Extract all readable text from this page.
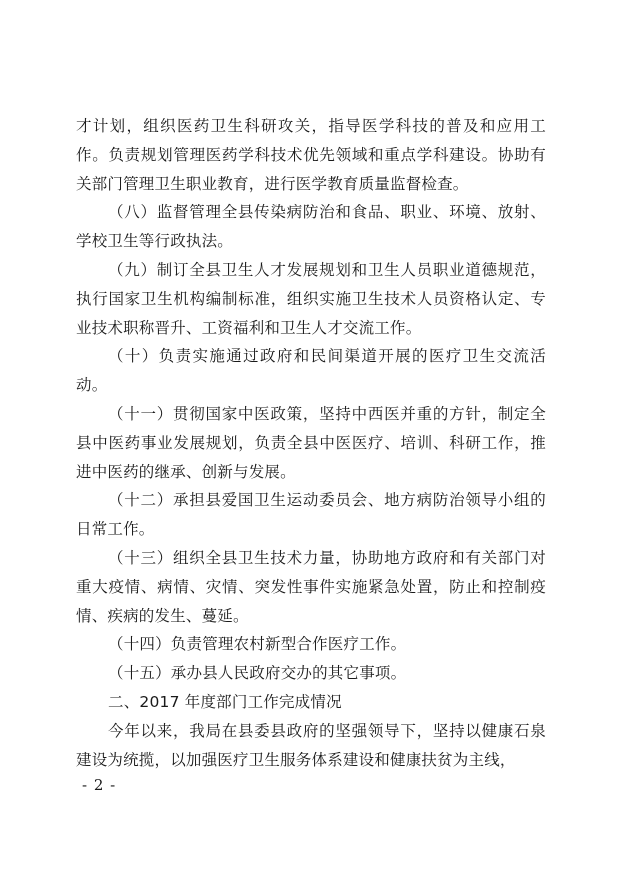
才计划，组织医药卫生科研攻关，指导医学科技的普及和应用工作。负责规划管理医药学科技术优先领域和重点学科建设。协助有关部门管理卫生职业教育，进行医学教育质量监督检查。

（八）监督管理全县传染病防治和食品、职业、环境、放射、学校卫生等行政执法。

（九）制订全县卫生人才发展规划和卫生人员职业道德规范，执行国家卫生机构编制标准，组织实施卫生技术人员资格认定、专业技术职称晋升、工资福利和卫生人才交流工作。

（十）负责实施通过政府和民间渠道开展的医疗卫生交流活动。

（十一）贯彻国家中医政策，坚持中西医并重的方针，制定全县中医药事业发展规划，负责全县中医医疗、培训、科研工作，推进中医药的继承、创新与发展。

（十二）承担县爱国卫生运动委员会、地方病防治领导小组的日常工作。

（十三）组织全县卫生技术力量，协助地方政府和有关部门对重大疫情、病情、灾情、突发性事件实施紧急处置，防止和控制疫情、疾病的发生、蔓延。

（十四）负责管理农村新型合作医疗工作。

（十五）承办县人民政府交办的其它事项。

二、2017 年度部门工作完成情况

今年以来，我局在县委县政府的坚强领导下，坚持以健康石泉建设为统揽，以加强医疗卫生服务体系建设和健康扶贫为主线，

- 2 -
